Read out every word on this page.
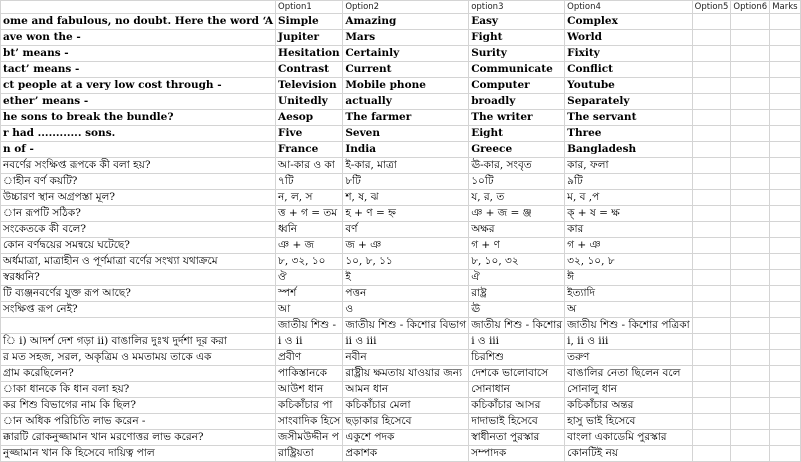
	Option1	Option2	option3	Option4	Option5	Option6	Marks
ome and fabulous, no doubt. Here the word ‘A	Simple	Amazing	Easy	Complex			
ave won the -	Jupiter	Mars	Fight	World			
bt’ means -	Hesitation	Certainly	Surity	Fixity			
tact’ means -	Contrast	Current	Communicate	Conflict			
ct people at a very low cost through -	Television	Mobile phone	Computer	Youtube			
ether’ means -	Unitedly	actually	broadly	Separately			
he sons to break the bundle?	Aesop	The farmer	The writer	The servant			
r had ............ sons.	Five	Seven	Eight	Three			
n of -	France	India	Greece	Bangladesh			
নবর্ণের সংক্ষিপ্ত রূপকে কী বলা হয়?	আ-কার ও কা	ই-কার, মাত্রা	ঊ-কার, সংবৃত	কার, ফলা			
াহীন বর্ণ কয়টি?	৭টি	৮টি	১০টি	৯টি			
উচ্চারণ স্থান অগ্রপস্তা মূল?	ন, ল, স	শ, ষ, ঝ	য, র, ত	ম, ব ,প			
ান রূপটি সঠিক?	ত্ত + গ = তম	হ + ণ = হ্ন	ঞ + জ = ঞ্জ	ক্ + ষ = ক্ষ			
সংকেতকে কী বলে?	ধ্বনি	বর্ণ	অক্ষর	কার			
কোন বর্ণদ্বয়ের সমন্বয়ে ঘটেছে?	ঞ + জ	জ + ঞ	গ + ণ	গ + ঞ			
অর্ধমাত্রা, মাত্রাহীন ও পূর্ণমাত্রা বর্ণের সংখ্যা যথাক্রমে	৮, ৩২, ১০	১০, ৮, ১১	৮, ১০, ৩২	৩২, ১০, ৮			
স্বরধ্বনি?	ঔ	ই	ঐ	ঈ			
টি ব্যঞ্জনবর্ণের যুক্ত রূপ আছে?	স্পর্শ	পত্তন	রাষ্ট্র	ইত্যাদি			
সংক্ষিপ্ত রূপ নেই?	আ	ও	ঊ	অ			
	জাতীয় শিশু -	জাতীয় শিশু - কিশোর বিভাগ	জাতীয় শিশু - কিশোর	জাতীয় শিশু - কিশোর পত্রিকা			
ি i) আদর্শ দেশ গড়া ii) বাঙালির দুঃখ দুর্দশা দূর করা	i ও ii	ii ও iii	i ও iii	i, ii ও iii			
র মত সহজ, সরল, অকৃত্রিম ও মমতাময় তাকে এক	প্রবীণ	নবীন	চিরশিশু	তরুণ			
গ্রাম করেছিলেন?	পাকিস্তানকে	রাষ্ট্রীয় ক্ষমতায় যাওয়ার জন্য	দেশকে ভালোবাসে	বাঙালির নেতা ছিলেন বলে			
াকা ধানকে কি ধান বলা হয়?	আউশ ধান	আমন ধান	সোনাধান	সোনালু ধান			
কর শিশু বিভাগের নাম কি ছিল?	কচিকাঁচার পা	কচিকাঁচার মেলা	কচিকাঁচার আসর	কচিকাঁচার অন্তর			
ান অধিক পরিচিতি লাভ করেন -	সাংবাদিক হিসে	ছড়াকার হিসেবে	দাদাভাই হিসেবে	হাসু ভাই হিসেবে			
ক্কারটি রোকনুজ্জামান খান মরণোত্তর লাভ করেন?	জসীমউদ্দীন প	একুশে পদক	স্বাধীনতা পুরস্কার	বাংলা একাডেমি পুরস্কার			
নুজ্জামান খান কি হিসেবে দায়িত্ব পাল	রাষ্ট্রিয়তা	প্রকাশক	সম্পাদক	কোনটিই নয়			
